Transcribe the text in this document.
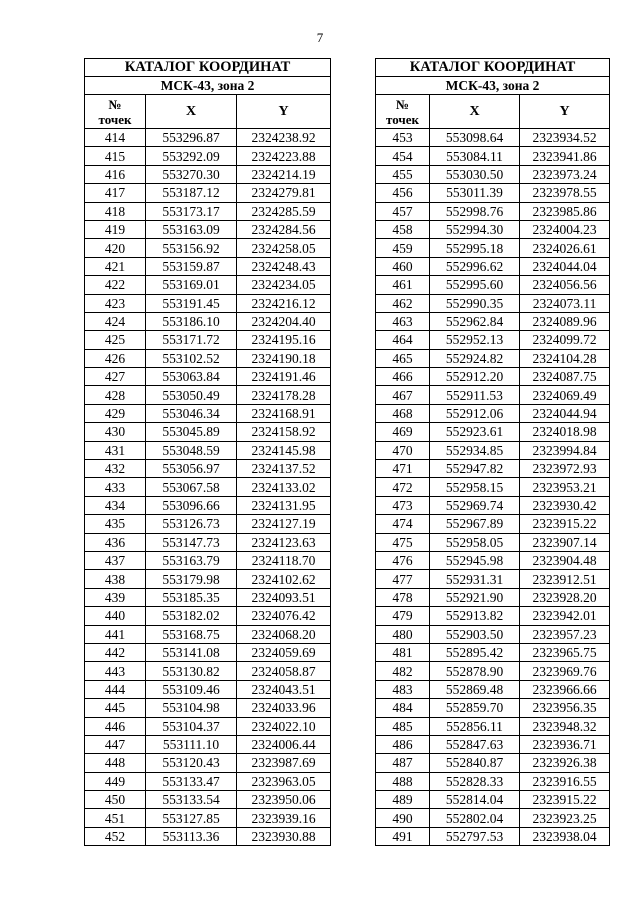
7
КАТАЛОГ КООРДИНАТ		
МСК-43, зона 2		

№
точек	X	Y
414	553296.87	2324238.92
415	553292.09	2324223.88
416	553270.30	2324214.19
417	553187.12	2324279.81
418	553173.17	2324285.59
419	553163.09	2324284.56
420	553156.92	2324258.05
421	553159.87	2324248.43
422	553169.01	2324234.05
423	553191.45	2324216.12
424	553186.10	2324204.40
425	553171.72	2324195.16
426	553102.52	2324190.18
427	553063.84	2324191.46
428	553050.49	2324178.28
429	553046.34	2324168.91
430	553045.89	2324158.92
431	553048.59	2324145.98
432	553056.97	2324137.52
433	553067.58	2324133.02
434	553096.66	2324131.95
435	553126.73	2324127.19
436	553147.73	2324123.63
437	553163.79	2324118.70
438	553179.98	2324102.62
439	553185.35	2324093.51
440	553182.02	2324076.42
441	553168.75	2324068.20
442	553141.08	2324059.69
443	553130.82	2324058.87
444	553109.46	2324043.51
445	553104.98	2324033.96
446	553104.37	2324022.10
447	553111.10	2324006.44
448	553120.43	2323987.69
449	553133.47	2323963.05
450	553133.54	2323950.06
451	553127.85	2323939.16
452	553113.36	2323930.88
КАТАЛОГ КООРДИНАТ		
МСК-43, зона 2		

№
точек	X	Y
453	553098.64	2323934.52
454	553084.11	2323941.86
455	553030.50	2323973.24
456	553011.39	2323978.55
457	552998.76	2323985.86
458	552994.30	2324004.23
459	552995.18	2324026.61
460	552996.62	2324044.04
461	552995.60	2324056.56
462	552990.35	2324073.11
463	552962.84	2324089.96
464	552952.13	2324099.72
465	552924.82	2324104.28
466	552912.20	2324087.75
467	552911.53	2324069.49
468	552912.06	2324044.94
469	552923.61	2324018.98
470	552934.85	2323994.84
471	552947.82	2323972.93
472	552958.15	2323953.21
473	552969.74	2323930.42
474	552967.89	2323915.22
475	552958.05	2323907.14
476	552945.98	2323904.48
477	552931.31	2323912.51
478	552921.90	2323928.20
479	552913.82	2323942.01
480	552903.50	2323957.23
481	552895.42	2323965.75
482	552878.90	2323969.76
483	552869.48	2323966.66
484	552859.70	2323956.35
485	552856.11	2323948.32
486	552847.63	2323936.71
487	552840.87	2323926.38
488	552828.33	2323916.55
489	552814.04	2323915.22
490	552802.04	2323923.25
491	552797.53	2323938.04
